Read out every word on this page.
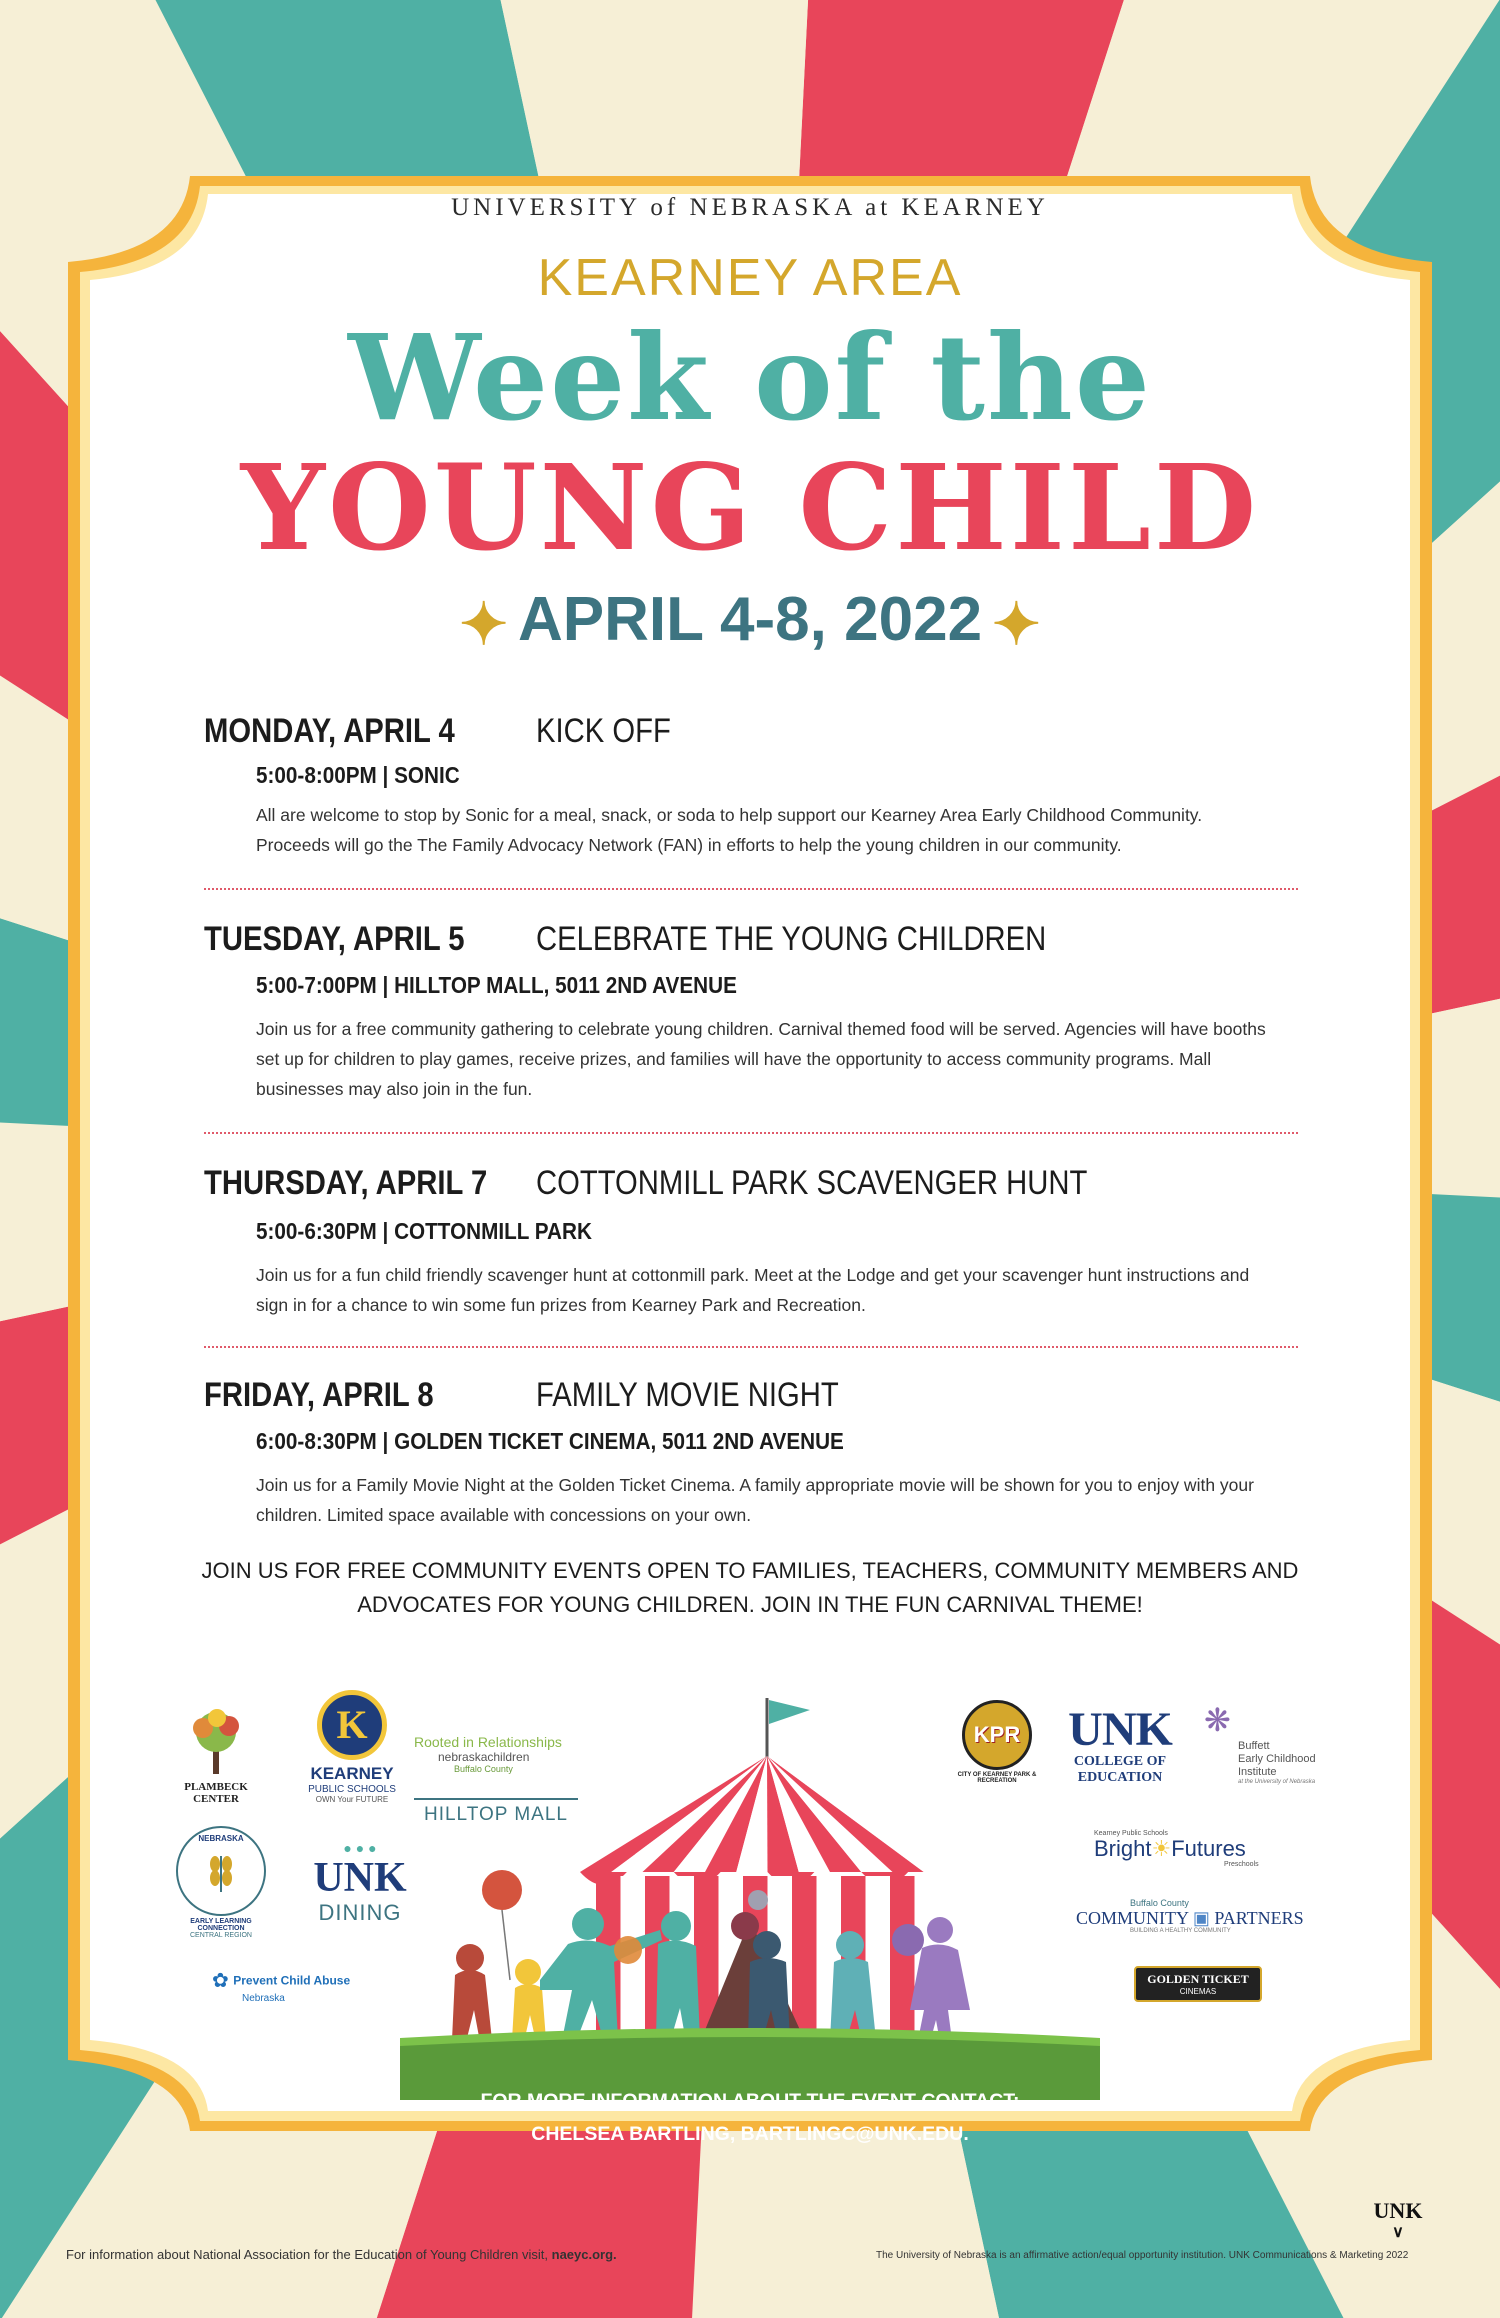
UNIVERSITY of NEBRASKA at KEARNEY
KEARNEY AREA
Week of the
YOUNG CHILD
✦ APRIL 4-8, 2022 ✦
MONDAY, APRIL 4 KICK OFF
5:00-8:00PM | SONIC
All are welcome to stop by Sonic for a meal, snack, or soda to help support our Kearney Area Early Childhood Community. Proceeds will go the The Family Advocacy Network (FAN) in efforts to help the young children in our community.
TUESDAY, APRIL 5 CELEBRATE THE YOUNG CHILDREN
5:00-7:00PM | HILLTOP MALL, 5011 2ND AVENUE
Join us for a free community gathering to celebrate young children. Carnival themed food will be served. Agencies will have booths set up for children to play games, receive prizes, and families will have the opportunity to access community programs. Mall businesses may also join in the fun.
THURSDAY, APRIL 7 COTTONMILL PARK SCAVENGER HUNT
5:00-6:30PM | COTTONMILL PARK
Join us for a fun child friendly scavenger hunt at cottonmill park. Meet at the Lodge and get your scavenger hunt instructions and sign in for a chance to win some fun prizes from Kearney Park and Recreation.
FRIDAY, APRIL 8	FAMILY MOVIE NIGHT
6:00-8:30PM | GOLDEN TICKET CINEMA, 5011 2ND AVENUE
Join us for a Family Movie Night at the Golden Ticket Cinema. A family appropriate movie will be shown for you to enjoy with your children. Limited space available with concessions on your own.
JOIN US FOR FREE COMMUNITY EVENTS OPEN TO FAMILIES, TEACHERS, COMMUNITY MEMBERS AND ADVOCATES FOR YOUNG CHILDREN. JOIN IN THE FUN CARNIVAL THEME!
FOR MORE INFORMATION ABOUT THE EVENT CONTACT:
CHELSEA BARTLING, BARTLINGC@UNK.EDU.
PLAMBECK CENTER
K
KEARNEY
PUBLIC SCHOOLS
OWN Your FUTURE
Rooted in Relationships
nebraskachildren
Buffalo County
HILLTOP MALL
NEBRASKA
EARLY LEARNING CONNECTION
CENTRAL REGION
● ● ●
UNK
DINING
✿ Prevent Child Abuse
Nebraska
KPR
CITY OF KEARNEY PARK & RECREATION
UNK
COLLEGE OF EDUCATION
❋
Buffett
Early Childhood
Institute
at the University of Nebraska
Kearney Public Schools
Bright☀Futures
Preschools
Buffalo County
COMMUNITY ▣ PARTNERS
BUILDING A HEALTHY COMMUNITY
GOLDEN TICKET
CINEMAS
For information about National Association for the Education of Young Children visit, naeyc.org.	The University of Nebraska is an affirmative action/equal opportunity institution. UNK Communications & Marketing 2022
UNK
∨
